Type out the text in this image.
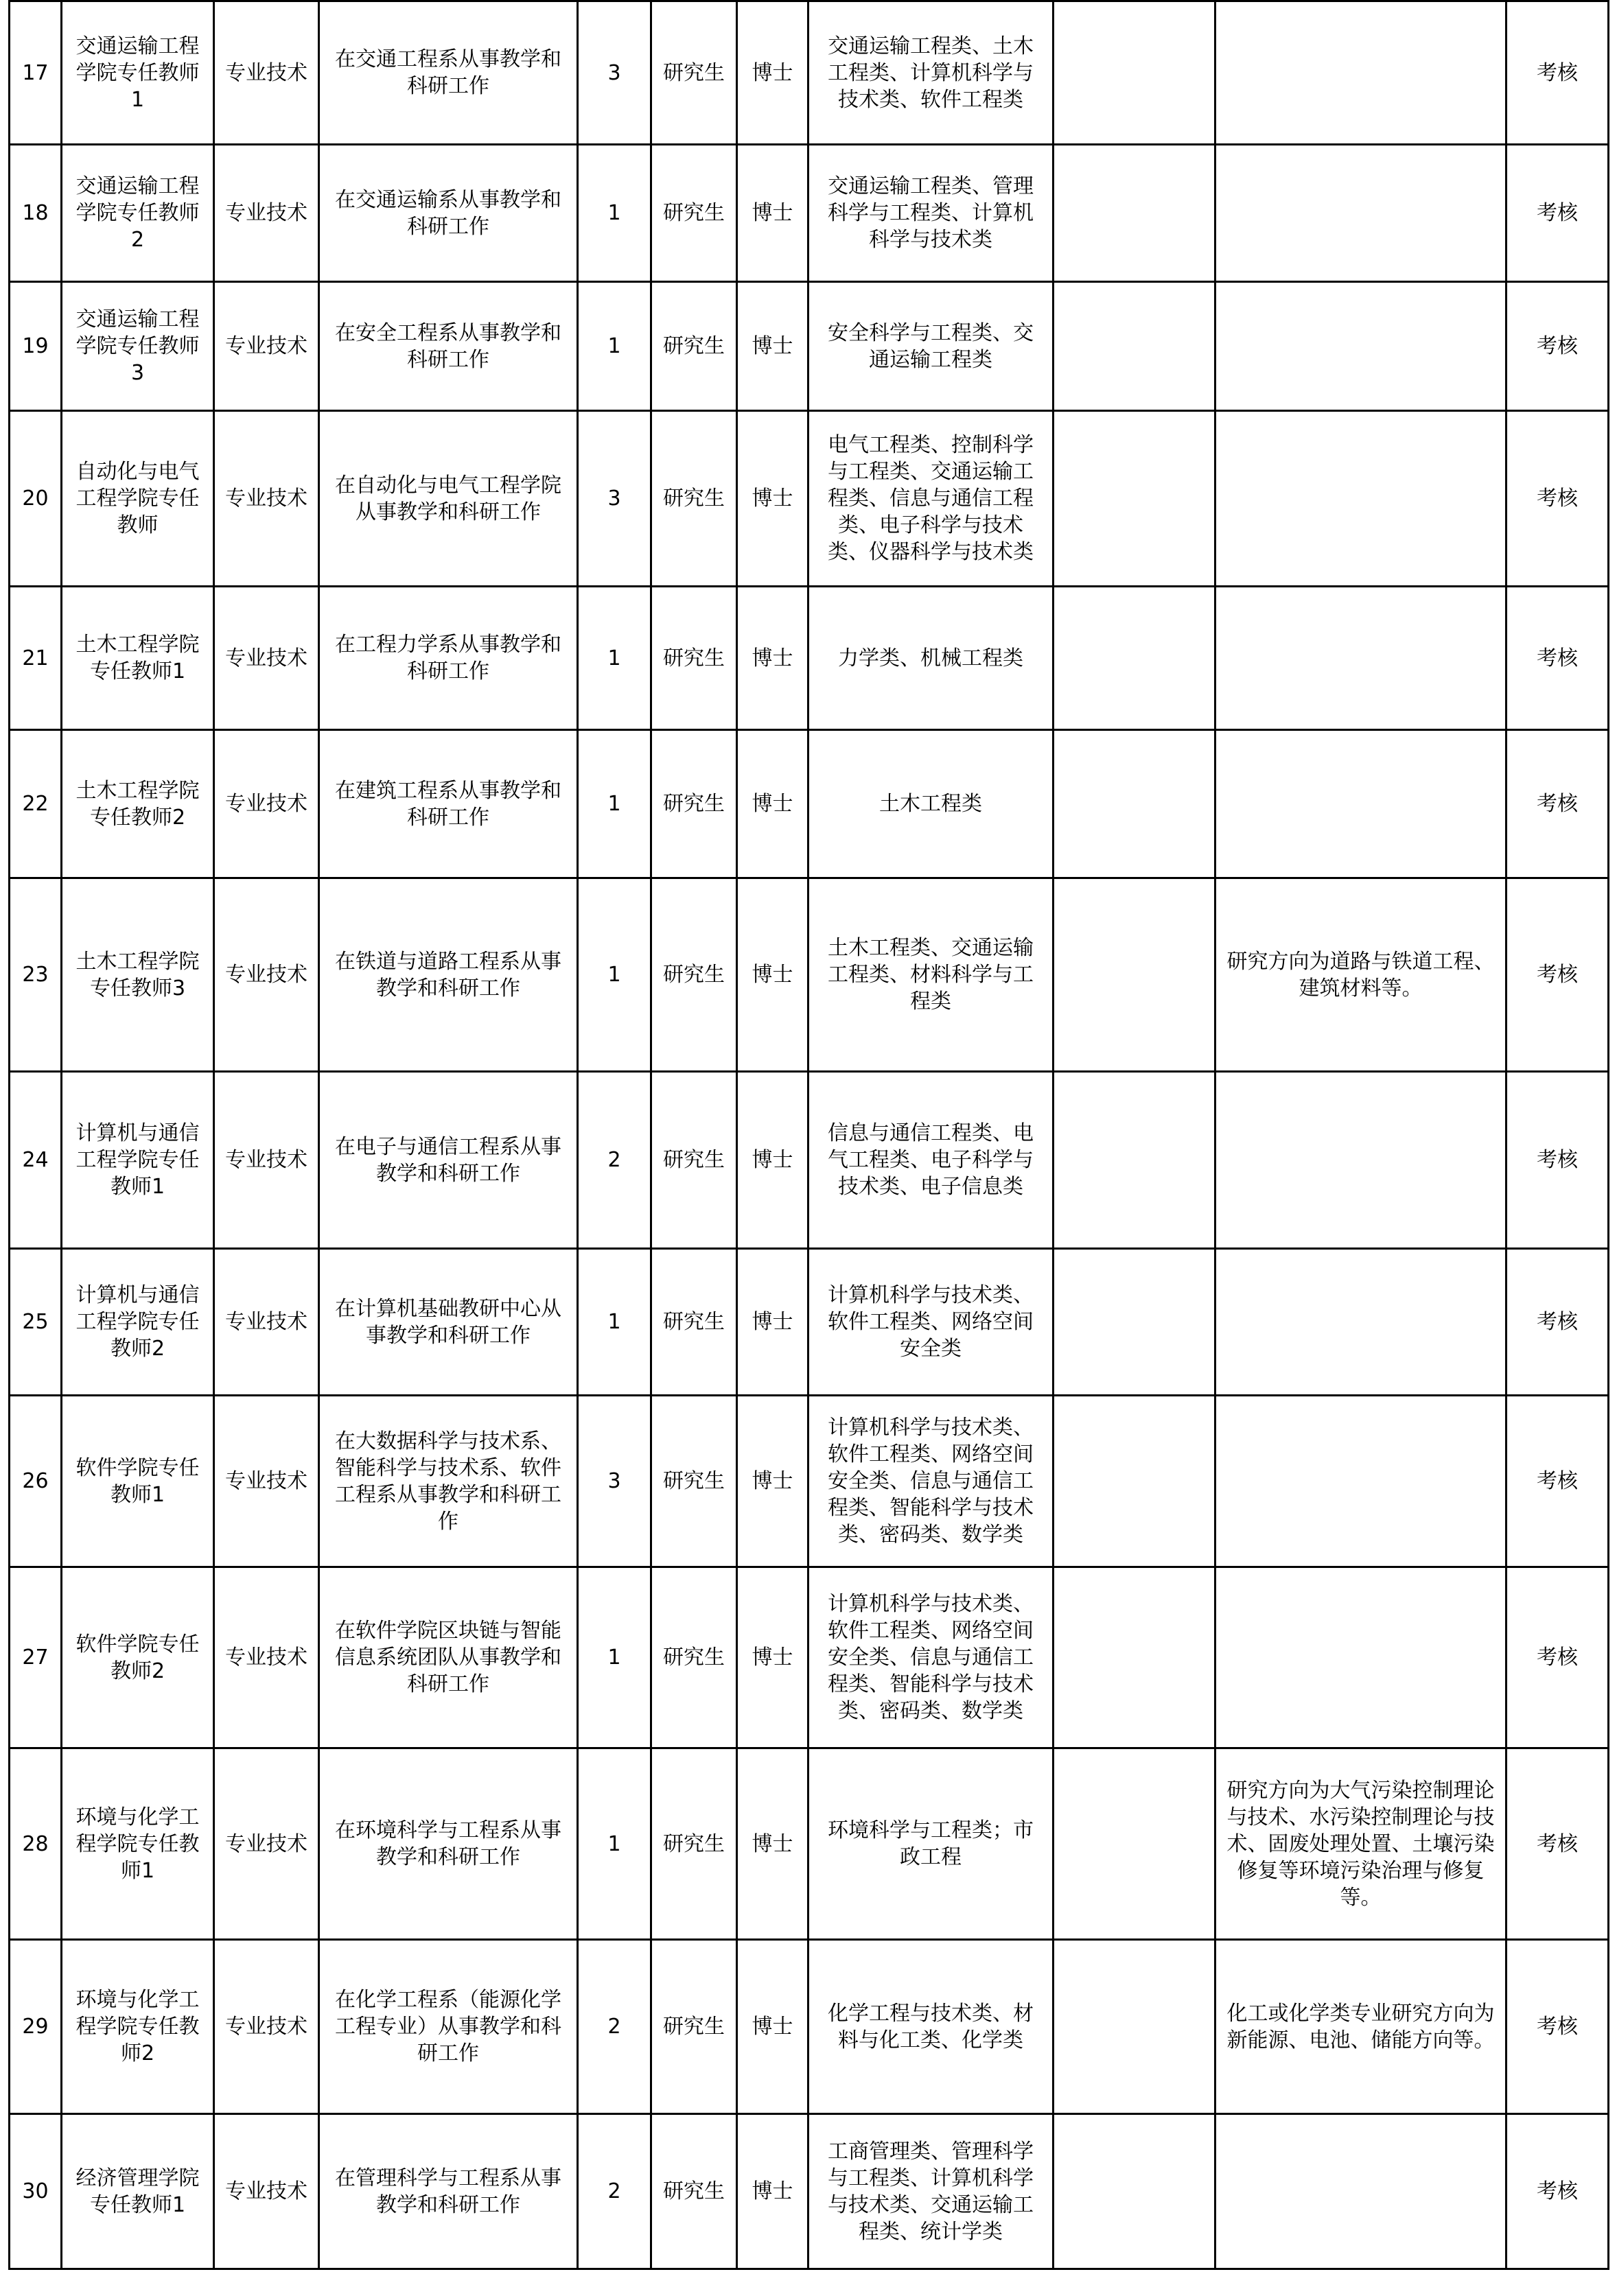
17	交通运输工程学院专任教师1	专业技术	在交通工程系从事教学和科研工作	3	研究生	博士	交通运输工程类、土木工程类、计算机科学与技术类、软件工程类			考核
18	交通运输工程学院专任教师2	专业技术	在交通运输系从事教学和科研工作	1	研究生	博士	交通运输工程类、管理科学与工程类、计算机科学与技术类			考核
19	交通运输工程学院专任教师3	专业技术	在安全工程系从事教学和科研工作	1	研究生	博士	安全科学与工程类、交通运输工程类			考核
20	自动化与电气工程学院专任教师	专业技术	在自动化与电气工程学院从事教学和科研工作	3	研究生	博士	电气工程类、控制科学与工程类、交通运输工程类、信息与通信工程类、电子科学与技术类、仪器科学与技术类			考核
21	土木工程学院专任教师1	专业技术	在工程力学系从事教学和科研工作	1	研究生	博士	力学类、机械工程类			考核
22	土木工程学院专任教师2	专业技术	在建筑工程系从事教学和科研工作	1	研究生	博士	土木工程类			考核
23	土木工程学院专任教师3	专业技术	在铁道与道路工程系从事教学和科研工作	1	研究生	博士	土木工程类、交通运输工程类、材料科学与工程类		研究方向为道路与铁道工程、建筑材料等。	考核
24	计算机与通信工程学院专任教师1	专业技术	在电子与通信工程系从事教学和科研工作	2	研究生	博士	信息与通信工程类、电气工程类、电子科学与技术类、电子信息类			考核
25	计算机与通信工程学院专任教师2	专业技术	在计算机基础教研中心从事教学和科研工作	1	研究生	博士	计算机科学与技术类、软件工程类、网络空间安全类			考核
26	软件学院专任教师1	专业技术	在大数据科学与技术系、智能科学与技术系、软件工程系从事教学和科研工作	3	研究生	博士	计算机科学与技术类、软件工程类、网络空间安全类、信息与通信工程类、智能科学与技术类、密码类、数学类			考核
27	软件学院专任教师2	专业技术	在软件学院区块链与智能信息系统团队从事教学和科研工作	1	研究生	博士	计算机科学与技术类、软件工程类、网络空间安全类、信息与通信工程类、智能科学与技术类、密码类、数学类			考核
28	环境与化学工程学院专任教师1	专业技术	在环境科学与工程系从事教学和科研工作	1	研究生	博士	环境科学与工程类；市政工程		研究方向为大气污染控制理论与技术、水污染控制理论与技术、固废处理处置、土壤污染修复等环境污染治理与修复等。	考核
29	环境与化学工程学院专任教师2	专业技术	在化学工程系（能源化学工程专业）从事教学和科研工作	2	研究生	博士	化学工程与技术类、材料与化工类、化学类		化工或化学类专业研究方向为新能源、电池、储能方向等。	考核
30	经济管理学院专任教师1	专业技术	在管理科学与工程系从事教学和科研工作	2	研究生	博士	工商管理类、管理科学与工程类、计算机科学与技术类、交通运输工程类、统计学类			考核
